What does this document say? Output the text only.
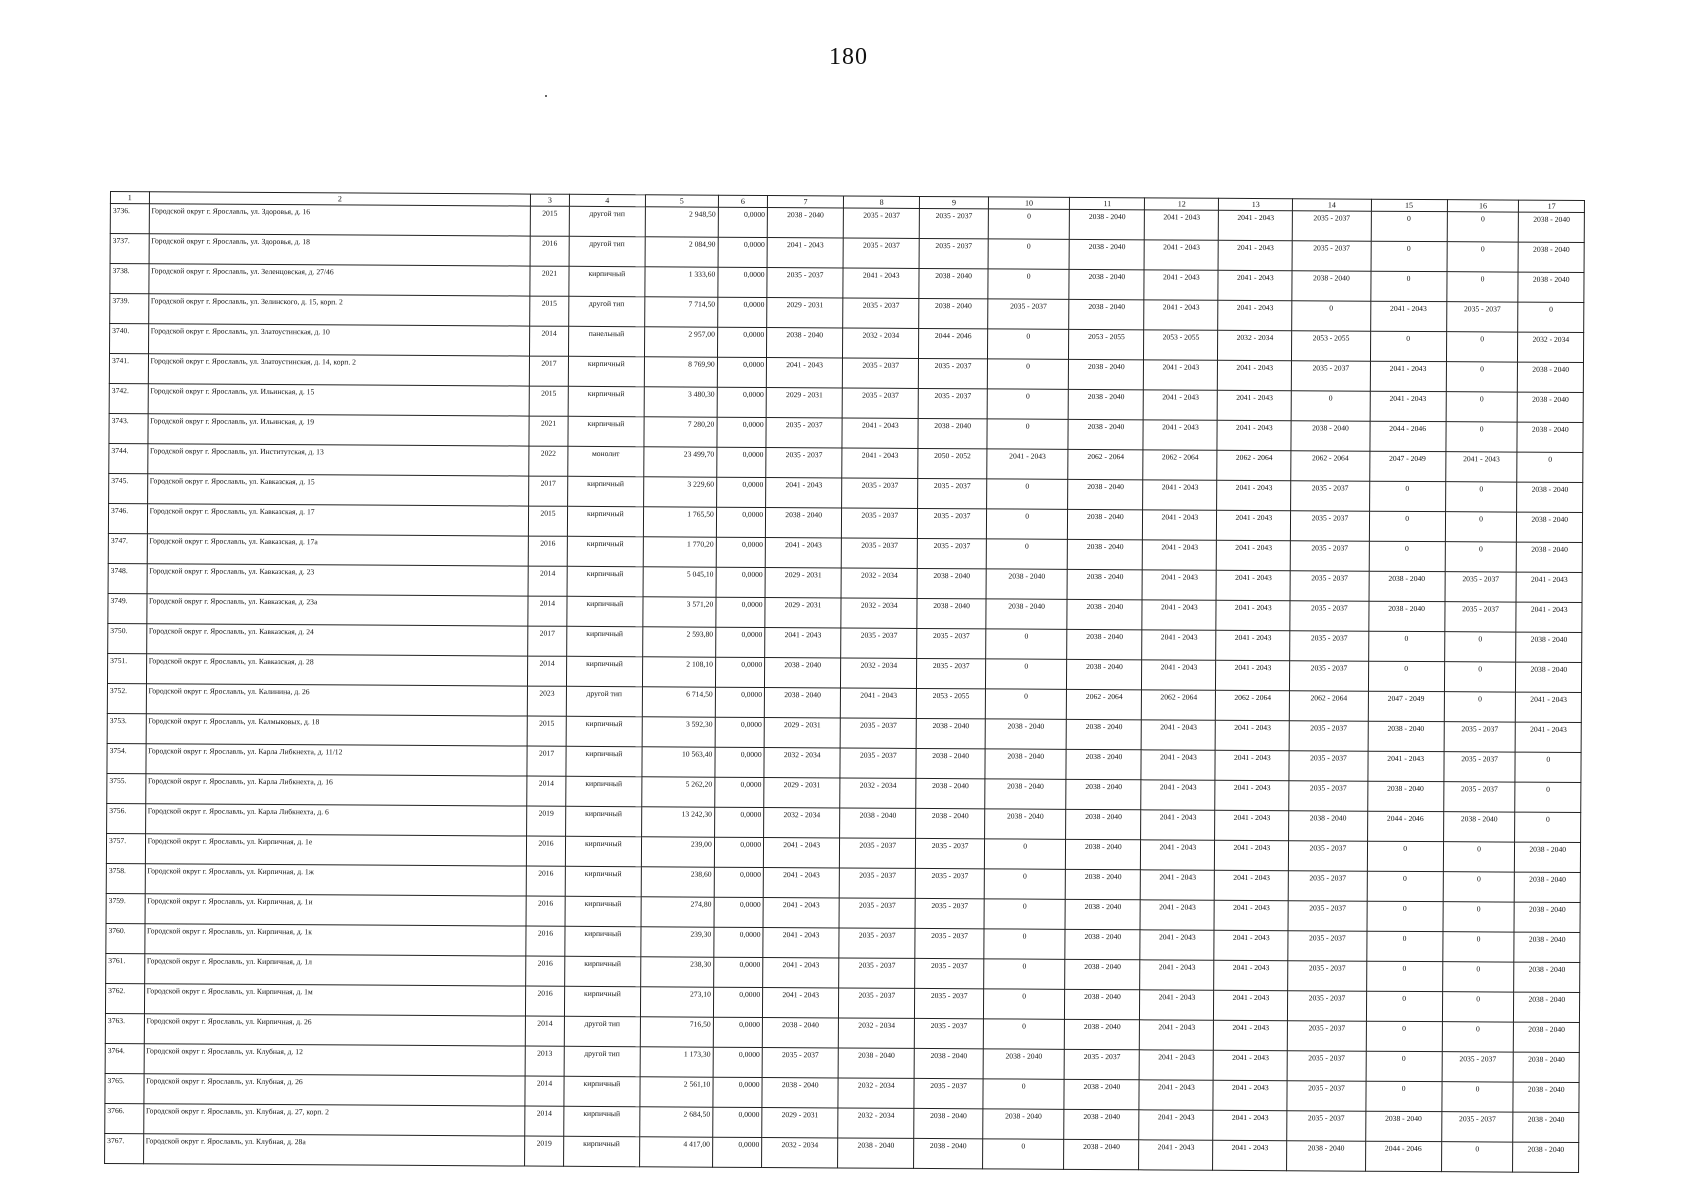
180
1	2	3	4	5	6	7	8	9	10	11	12	13	14	15	16	17
3736.	Городской округ г. Ярославль, ул. Здоровья, д. 16	2015	другой тип	2 948,50	0,0000	2038 - 2040	2035 - 2037	2035 - 2037	0	2038 - 2040	2041 - 2043	2041 - 2043	2035 - 2037	0	0	2038 - 2040
3737.	Городской округ г. Ярославль, ул. Здоровья, д. 18	2016	другой тип	2 084,90	0,0000	2041 - 2043	2035 - 2037	2035 - 2037	0	2038 - 2040	2041 - 2043	2041 - 2043	2035 - 2037	0	0	2038 - 2040
3738.	Городской округ г. Ярославль, ул. Зеленцовская, д. 27/46	2021	кирпичный	1 333,60	0,0000	2035 - 2037	2041 - 2043	2038 - 2040	0	2038 - 2040	2041 - 2043	2041 - 2043	2038 - 2040	0	0	2038 - 2040
3739.	Городской округ г. Ярославль, ул. Зелинского, д. 15, корп. 2	2015	другой тип	7 714,50	0,0000	2029 - 2031	2035 - 2037	2038 - 2040	2035 - 2037	2038 - 2040	2041 - 2043	2041 - 2043	0	2041 - 2043	2035 - 2037	0
3740.	Городской округ г. Ярославль, ул. Златоустинская, д. 10	2014	панельный	2 957,00	0,0000	2038 - 2040	2032 - 2034	2044 - 2046	0	2053 - 2055	2053 - 2055	2032 - 2034	2053 - 2055	0	0	2032 - 2034
3741.	Городской округ г. Ярославль, ул. Златоустинская, д. 14, корп. 2	2017	кирпичный	8 769,90	0,0000	2041 - 2043	2035 - 2037	2035 - 2037	0	2038 - 2040	2041 - 2043	2041 - 2043	2035 - 2037	2041 - 2043	0	2038 - 2040
3742.	Городской округ г. Ярославль, ул. Ильинская, д. 15	2015	кирпичный	3 480,30	0,0000	2029 - 2031	2035 - 2037	2035 - 2037	0	2038 - 2040	2041 - 2043	2041 - 2043	0	2041 - 2043	0	2038 - 2040
3743.	Городской округ г. Ярославль, ул. Ильинская, д. 19	2021	кирпичный	7 280,20	0,0000	2035 - 2037	2041 - 2043	2038 - 2040	0	2038 - 2040	2041 - 2043	2041 - 2043	2038 - 2040	2044 - 2046	0	2038 - 2040
3744.	Городской округ г. Ярославль, ул. Институтская, д. 13	2022	монолит	23 499,70	0,0000	2035 - 2037	2041 - 2043	2050 - 2052	2041 - 2043	2062 - 2064	2062 - 2064	2062 - 2064	2062 - 2064	2047 - 2049	2041 - 2043	0
3745.	Городской округ г. Ярославль, ул. Кавказская, д. 15	2017	кирпичный	3 229,60	0,0000	2041 - 2043	2035 - 2037	2035 - 2037	0	2038 - 2040	2041 - 2043	2041 - 2043	2035 - 2037	0	0	2038 - 2040
3746.	Городской округ г. Ярославль, ул. Кавказская, д. 17	2015	кирпичный	1 765,50	0,0000	2038 - 2040	2035 - 2037	2035 - 2037	0	2038 - 2040	2041 - 2043	2041 - 2043	2035 - 2037	0	0	2038 - 2040
3747.	Городской округ г. Ярославль, ул. Кавказская, д. 17а	2016	кирпичный	1 770,20	0,0000	2041 - 2043	2035 - 2037	2035 - 2037	0	2038 - 2040	2041 - 2043	2041 - 2043	2035 - 2037	0	0	2038 - 2040
3748.	Городской округ г. Ярославль, ул. Кавказская, д. 23	2014	кирпичный	5 045,10	0,0000	2029 - 2031	2032 - 2034	2038 - 2040	2038 - 2040	2038 - 2040	2041 - 2043	2041 - 2043	2035 - 2037	2038 - 2040	2035 - 2037	2041 - 2043
3749.	Городской округ г. Ярославль, ул. Кавказская, д. 23а	2014	кирпичный	3 571,20	0,0000	2029 - 2031	2032 - 2034	2038 - 2040	2038 - 2040	2038 - 2040	2041 - 2043	2041 - 2043	2035 - 2037	2038 - 2040	2035 - 2037	2041 - 2043
3750.	Городской округ г. Ярославль, ул. Кавказская, д. 24	2017	кирпичный	2 593,80	0,0000	2041 - 2043	2035 - 2037	2035 - 2037	0	2038 - 2040	2041 - 2043	2041 - 2043	2035 - 2037	0	0	2038 - 2040
3751.	Городской округ г. Ярославль, ул. Кавказская, д. 28	2014	кирпичный	2 108,10	0,0000	2038 - 2040	2032 - 2034	2035 - 2037	0	2038 - 2040	2041 - 2043	2041 - 2043	2035 - 2037	0	0	2038 - 2040
3752.	Городской округ г. Ярославль, ул. Калинина, д. 26	2023	другой тип	6 714,50	0,0000	2038 - 2040	2041 - 2043	2053 - 2055	0	2062 - 2064	2062 - 2064	2062 - 2064	2062 - 2064	2047 - 2049	0	2041 - 2043
3753.	Городской округ г. Ярославль, ул. Калмыковых, д. 18	2015	кирпичный	3 592,30	0,0000	2029 - 2031	2035 - 2037	2038 - 2040	2038 - 2040	2038 - 2040	2041 - 2043	2041 - 2043	2035 - 2037	2038 - 2040	2035 - 2037	2041 - 2043
3754.	Городской округ г. Ярославль, ул. Карла Либкнехта, д. 11/12	2017	кирпичный	10 563,40	0,0000	2032 - 2034	2035 - 2037	2038 - 2040	2038 - 2040	2038 - 2040	2041 - 2043	2041 - 2043	2035 - 2037	2041 - 2043	2035 - 2037	0
3755.	Городской округ г. Ярославль, ул. Карла Либкнехта, д. 16	2014	кирпичный	5 262,20	0,0000	2029 - 2031	2032 - 2034	2038 - 2040	2038 - 2040	2038 - 2040	2041 - 2043	2041 - 2043	2035 - 2037	2038 - 2040	2035 - 2037	0
3756.	Городской округ г. Ярославль, ул. Карла Либкнехта, д. 6	2019	кирпичный	13 242,30	0,0000	2032 - 2034	2038 - 2040	2038 - 2040	2038 - 2040	2038 - 2040	2041 - 2043	2041 - 2043	2038 - 2040	2044 - 2046	2038 - 2040	0
3757.	Городской округ г. Ярославль, ул. Кирпичная, д. 1е	2016	кирпичный	239,00	0,0000	2041 - 2043	2035 - 2037	2035 - 2037	0	2038 - 2040	2041 - 2043	2041 - 2043	2035 - 2037	0	0	2038 - 2040
3758.	Городской округ г. Ярославль, ул. Кирпичная, д. 1ж	2016	кирпичный	238,60	0,0000	2041 - 2043	2035 - 2037	2035 - 2037	0	2038 - 2040	2041 - 2043	2041 - 2043	2035 - 2037	0	0	2038 - 2040
3759.	Городской округ г. Ярославль, ул. Кирпичная, д. 1и	2016	кирпичный	274,80	0,0000	2041 - 2043	2035 - 2037	2035 - 2037	0	2038 - 2040	2041 - 2043	2041 - 2043	2035 - 2037	0	0	2038 - 2040
3760.	Городской округ г. Ярославль, ул. Кирпичная, д. 1к	2016	кирпичный	239,30	0,0000	2041 - 2043	2035 - 2037	2035 - 2037	0	2038 - 2040	2041 - 2043	2041 - 2043	2035 - 2037	0	0	2038 - 2040
3761.	Городской округ г. Ярославль, ул. Кирпичная, д. 1л	2016	кирпичный	238,30	0,0000	2041 - 2043	2035 - 2037	2035 - 2037	0	2038 - 2040	2041 - 2043	2041 - 2043	2035 - 2037	0	0	2038 - 2040
3762.	Городской округ г. Ярославль, ул. Кирпичная, д. 1м	2016	кирпичный	273,10	0,0000	2041 - 2043	2035 - 2037	2035 - 2037	0	2038 - 2040	2041 - 2043	2041 - 2043	2035 - 2037	0	0	2038 - 2040
3763.	Городской округ г. Ярославль, ул. Кирпичная, д. 26	2014	другой тип	716,50	0,0000	2038 - 2040	2032 - 2034	2035 - 2037	0	2038 - 2040	2041 - 2043	2041 - 2043	2035 - 2037	0	0	2038 - 2040
3764.	Городской округ г. Ярославль, ул. Клубная, д. 12	2013	другой тип	1 173,30	0,0000	2035 - 2037	2038 - 2040	2038 - 2040	2038 - 2040	2035 - 2037	2041 - 2043	2041 - 2043	2035 - 2037	0	2035 - 2037	2038 - 2040
3765.	Городской округ г. Ярославль, ул. Клубная, д. 26	2014	кирпичный	2 561,10	0,0000	2038 - 2040	2032 - 2034	2035 - 2037	0	2038 - 2040	2041 - 2043	2041 - 2043	2035 - 2037	0	0	2038 - 2040
3766.	Городской округ г. Ярославль, ул. Клубная, д. 27, корп. 2	2014	кирпичный	2 684,50	0,0000	2029 - 2031	2032 - 2034	2038 - 2040	2038 - 2040	2038 - 2040	2041 - 2043	2041 - 2043	2035 - 2037	2038 - 2040	2035 - 2037	2038 - 2040
3767.	Городской округ г. Ярославль, ул. Клубная, д. 28а	2019	кирпичный	4 417,00	0,0000	2032 - 2034	2038 - 2040	2038 - 2040	0	2038 - 2040	2041 - 2043	2041 - 2043	2038 - 2040	2044 - 2046	0	2038 - 2040
